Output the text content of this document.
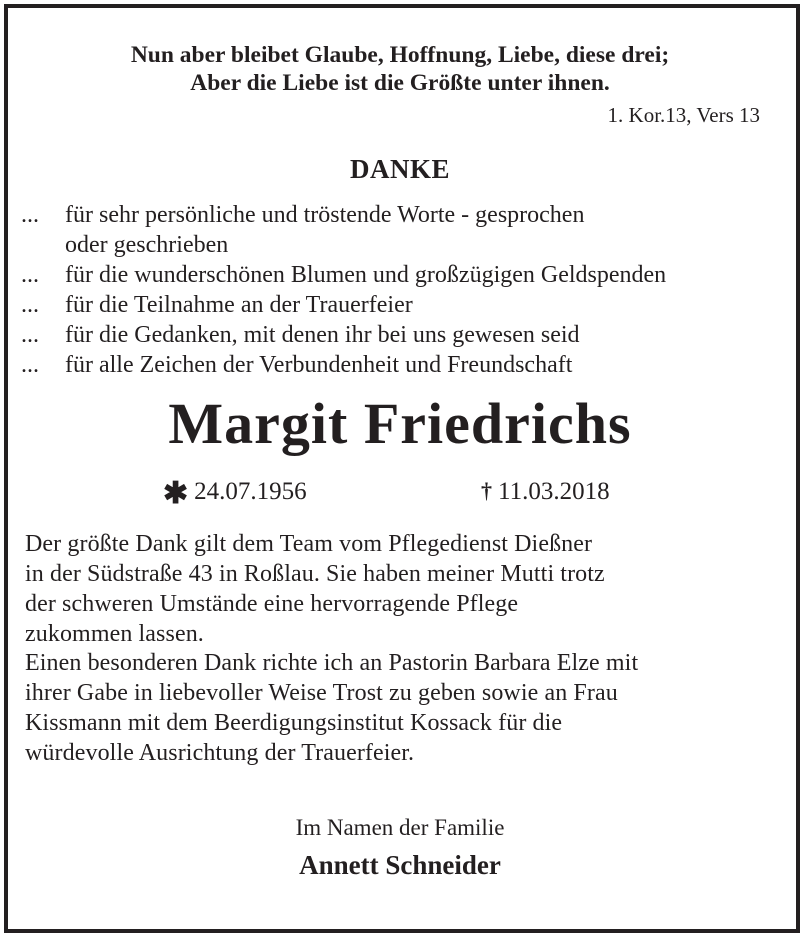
Nun aber bleibet Glaube, Hoffnung, Liebe, diese drei;
Aber die Liebe ist die Größte unter ihnen.
1. Kor.13, Vers 13
DANKE
... für sehr persönliche und tröstende Worte - gesprochen
oder geschrieben
... für die wunderschönen Blumen und großzügigen Geldspenden
... für die Teilnahme an der Trauerfeier
... für die Gedanken, mit denen ihr bei uns gewesen seid
... für alle Zeichen der Verbundenheit und Freundschaft
Margit Friedrichs
✱ 24.07.1956	† 11.03.2018
Der größte Dank gilt dem Team vom Pflegedienst Dießner
in der Südstraße 43 in Roßlau. Sie haben meiner Mutti trotz
der schweren Umstände eine hervorragende Pflege
zukommen lassen.
Einen besonderen Dank richte ich an Pastorin Barbara Elze mit
ihrer Gabe in liebevoller Weise Trost zu geben sowie an Frau
Kissmann mit dem Beerdigungsinstitut Kossack für die
würdevolle Ausrichtung der Trauerfeier.
Im Namen der Familie
Annett Schneider
